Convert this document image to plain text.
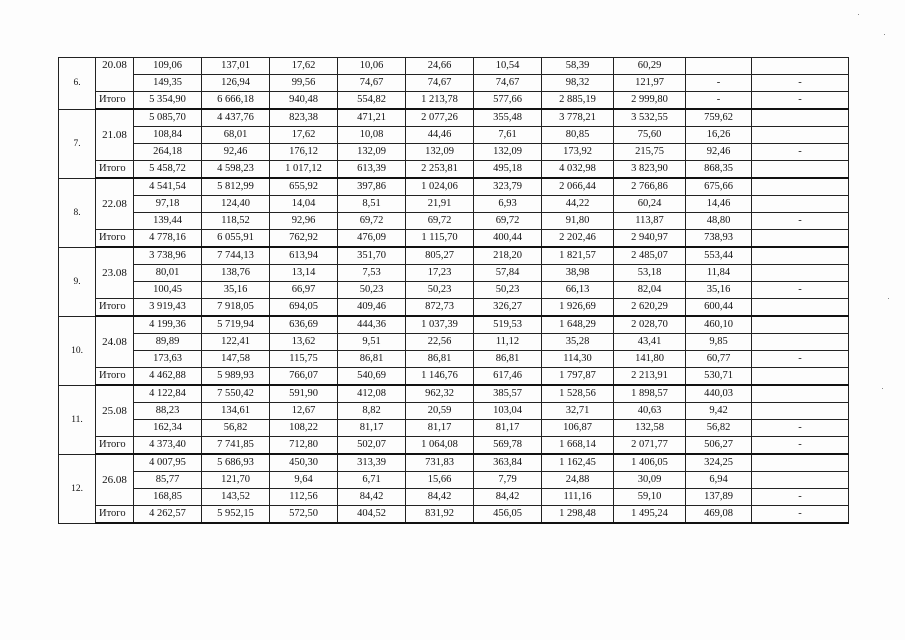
6.	20.08	109,06	137,01	17,62	10,06	24,66	10,54	58,39	60,29		
		149,35	126,94	99,56	74,67	74,67	74,67	98,32	121,97	-	-
	Итого	5 354,90	6 666,18	940,48	554,82	1 213,78	577,66	2 885,19	2 999,80	-	-
7.	21.08	5 085,70	4 437,76	823,38	471,21	2 077,26	355,48	3 778,21	3 532,55	759,62	
		108,84	68,01	17,62	10,08	44,46	7,61	80,85	75,60	16,26	
		264,18	92,46	176,12	132,09	132,09	132,09	173,92	215,75	92,46	-
	Итого	5 458,72	4 598,23	1 017,12	613,39	2 253,81	495,18	4 032,98	3 823,90	868,35	
8.	22.08	4 541,54	5 812,99	655,92	397,86	1 024,06	323,79	2 066,44	2 766,86	675,66	
		97,18	124,40	14,04	8,51	21,91	6,93	44,22	60,24	14,46	
		139,44	118,52	92,96	69,72	69,72	69,72	91,80	113,87	48,80	-
	Итого	4 778,16	6 055,91	762,92	476,09	1 115,70	400,44	2 202,46	2 940,97	738,93	
9.	23.08	3 738,96	7 744,13	613,94	351,70	805,27	218,20	1 821,57	2 485,07	553,44	
		80,01	138,76	13,14	7,53	17,23	57,84	38,98	53,18	11,84	
		100,45	35,16	66,97	50,23	50,23	50,23	66,13	82,04	35,16	-
	Итого	3 919,43	7 918,05	694,05	409,46	872,73	326,27	1 926,69	2 620,29	600,44	
10.	24.08	4 199,36	5 719,94	636,69	444,36	1 037,39	519,53	1 648,29	2 028,70	460,10	
		89,89	122,41	13,62	9,51	22,56	11,12	35,28	43,41	9,85	
		173,63	147,58	115,75	86,81	86,81	86,81	114,30	141,80	60,77	-
	Итого	4 462,88	5 989,93	766,07	540,69	1 146,76	617,46	1 797,87	2 213,91	530,71	
11.	25.08	4 122,84	7 550,42	591,90	412,08	962,32	385,57	1 528,56	1 898,57	440,03	
		88,23	134,61	12,67	8,82	20,59	103,04	32,71	40,63	9,42	
		162,34	56,82	108,22	81,17	81,17	81,17	106,87	132,58	56,82	-
	Итого	4 373,40	7 741,85	712,80	502,07	1 064,08	569,78	1 668,14	2 071,77	506,27	-
12.	26.08	4 007,95	5 686,93	450,30	313,39	731,83	363,84	1 162,45	1 406,05	324,25	
		85,77	121,70	9,64	6,71	15,66	7,79	24,88	30,09	6,94	
		168,85	143,52	112,56	84,42	84,42	84,42	111,16	59,10	137,89	-
	Итого	4 262,57	5 952,15	572,50	404,52	831,92	456,05	1 298,48	1 495,24	469,08	-
